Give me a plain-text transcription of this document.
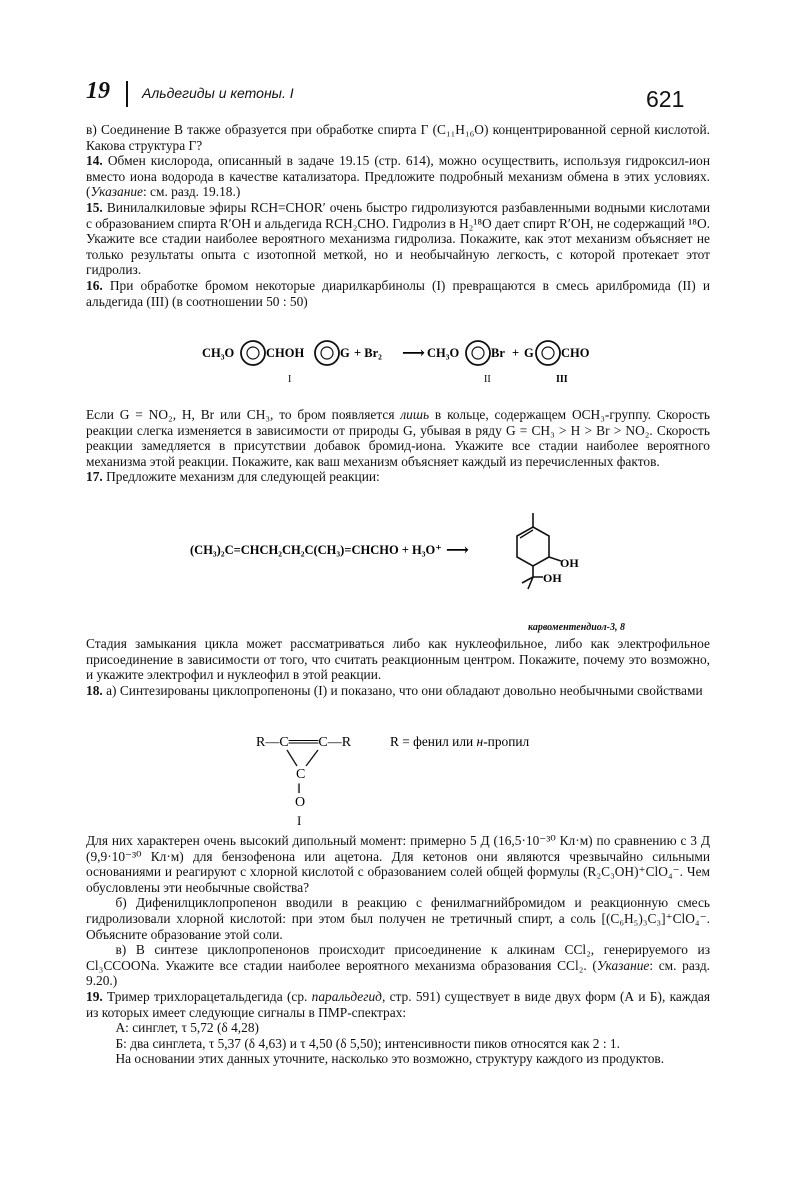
19 Альдегиды и кетоны. I	621

в) Соединение В также образуется при обработке спирта Г (C₁₁H₁₆O) концентрированной серной кислотой. Какова структура Г?

14. Обмен кислорода, описанный в задаче 19.15 (стр. 614), можно осуществить, используя гидроксил-ион вместо иона водорода в качестве катализатора. Предложите подробный механизм обмена в этих условиях. (Указание: см. разд. 19.18.)

15. Винилалкиловые эфиры RCH=CHOR′ очень быстро гидролизуются разбавленными водными кислотами с образованием спирта R′OH и альдегида RCH₂CHO. Гидролиз в H₂¹⁸O дает спирт R′OH, не содержащий ¹⁸O. Укажите все стадии наиболее вероятного механизма гидролиза. Покажите, как этот механизм объясняет не только результаты опыта с изотопной меткой, но и необычайную легкость, с которой протекает этот гидролиз.

16. При обработке бромом некоторые диарилкарбинолы (I) превращаются в смесь арилбромида (II) и альдегида (III) (в соотношении 50 : 50)

CH₃O	CHOH	G + Br₂ ⟶ CH₃O	Br + G CHO
I	II	III

Если G = NO₂, H, Br или CH₃, то бром появляется лишь в кольце, содержащем OCH₃-группу. Скорость реакции слегка изменяется в зависимости от природы G, убывая в ряду G = CH₃ > H > Br > NO₂. Скорость реакции замедляется в присутствии добавок бромид-иона. Укажите все стадии наиболее вероятного механизма этой реакции. Покажите, как ваш механизм объясняет каждый из перечисленных фактов.

17. Предложите механизм для следующей реакции:

(CH₃)₂C=CHCH₂CH₂C(CH₃)=CHCHO + H₃O⁺ ⟶
OH
OH
карвоментендиол-3, 8

Стадия замыкания цикла может рассматриваться либо как нуклеофильное, либо как электрофильное присоединение в зависимости от того, что считать реакционным центром. Покажите, почему это возможно, и укажите электрофил и нуклеофил в этой реакции.

18. а) Синтезированы циклопропеноны (I) и показано, что они обладают довольно необычными свойствами

R—C═══C—R
C
‖
O
I
R = фенил или н-пропил

Для них характерен очень высокий дипольный момент: примерно 5 Д (16,5·10⁻³⁰ Кл·м) по сравнению с 3 Д (9,9·10⁻³⁰ Кл·м) для бензофенона или ацетона. Для кетонов они являются чрезвычайно сильными основаниями и реагируют с хлорной кислотой с образованием солей общей формулы (R₂C₃OH)⁺ClO₄⁻. Чем обусловлены эти необычные свойства?

б) Дифенилциклопропенон вводили в реакцию с фенилмагнийбромидом и реакционную смесь гидролизовали хлорной кислотой: при этом был получен не третичный спирт, а соль [(C₆H₅)₃C₃]⁺ClO₄⁻. Объясните образование этой соли.

в) В синтезе циклопропенонов происходит присоединение к алкинам CCl₂, генерируемого из Cl₃CCOONa. Укажите все стадии наиболее вероятного механизма образования CCl₂. (Указание: см. разд. 9.20.)

19. Тример трихлорацетальдегида (ср. паральдегид, стр. 591) существует в виде двух форм (А и Б), каждая из которых имеет следующие сигналы в ПМР-спектрах:

А: синглет, τ 5,72 (δ 4,28)

Б: два синглета, τ 5,37 (δ 4,63) и τ 4,50 (δ 5,50); интенсивности пиков относятся как 2 : 1.

На основании этих данных уточните, насколько это возможно, структуру каждого из продуктов.
